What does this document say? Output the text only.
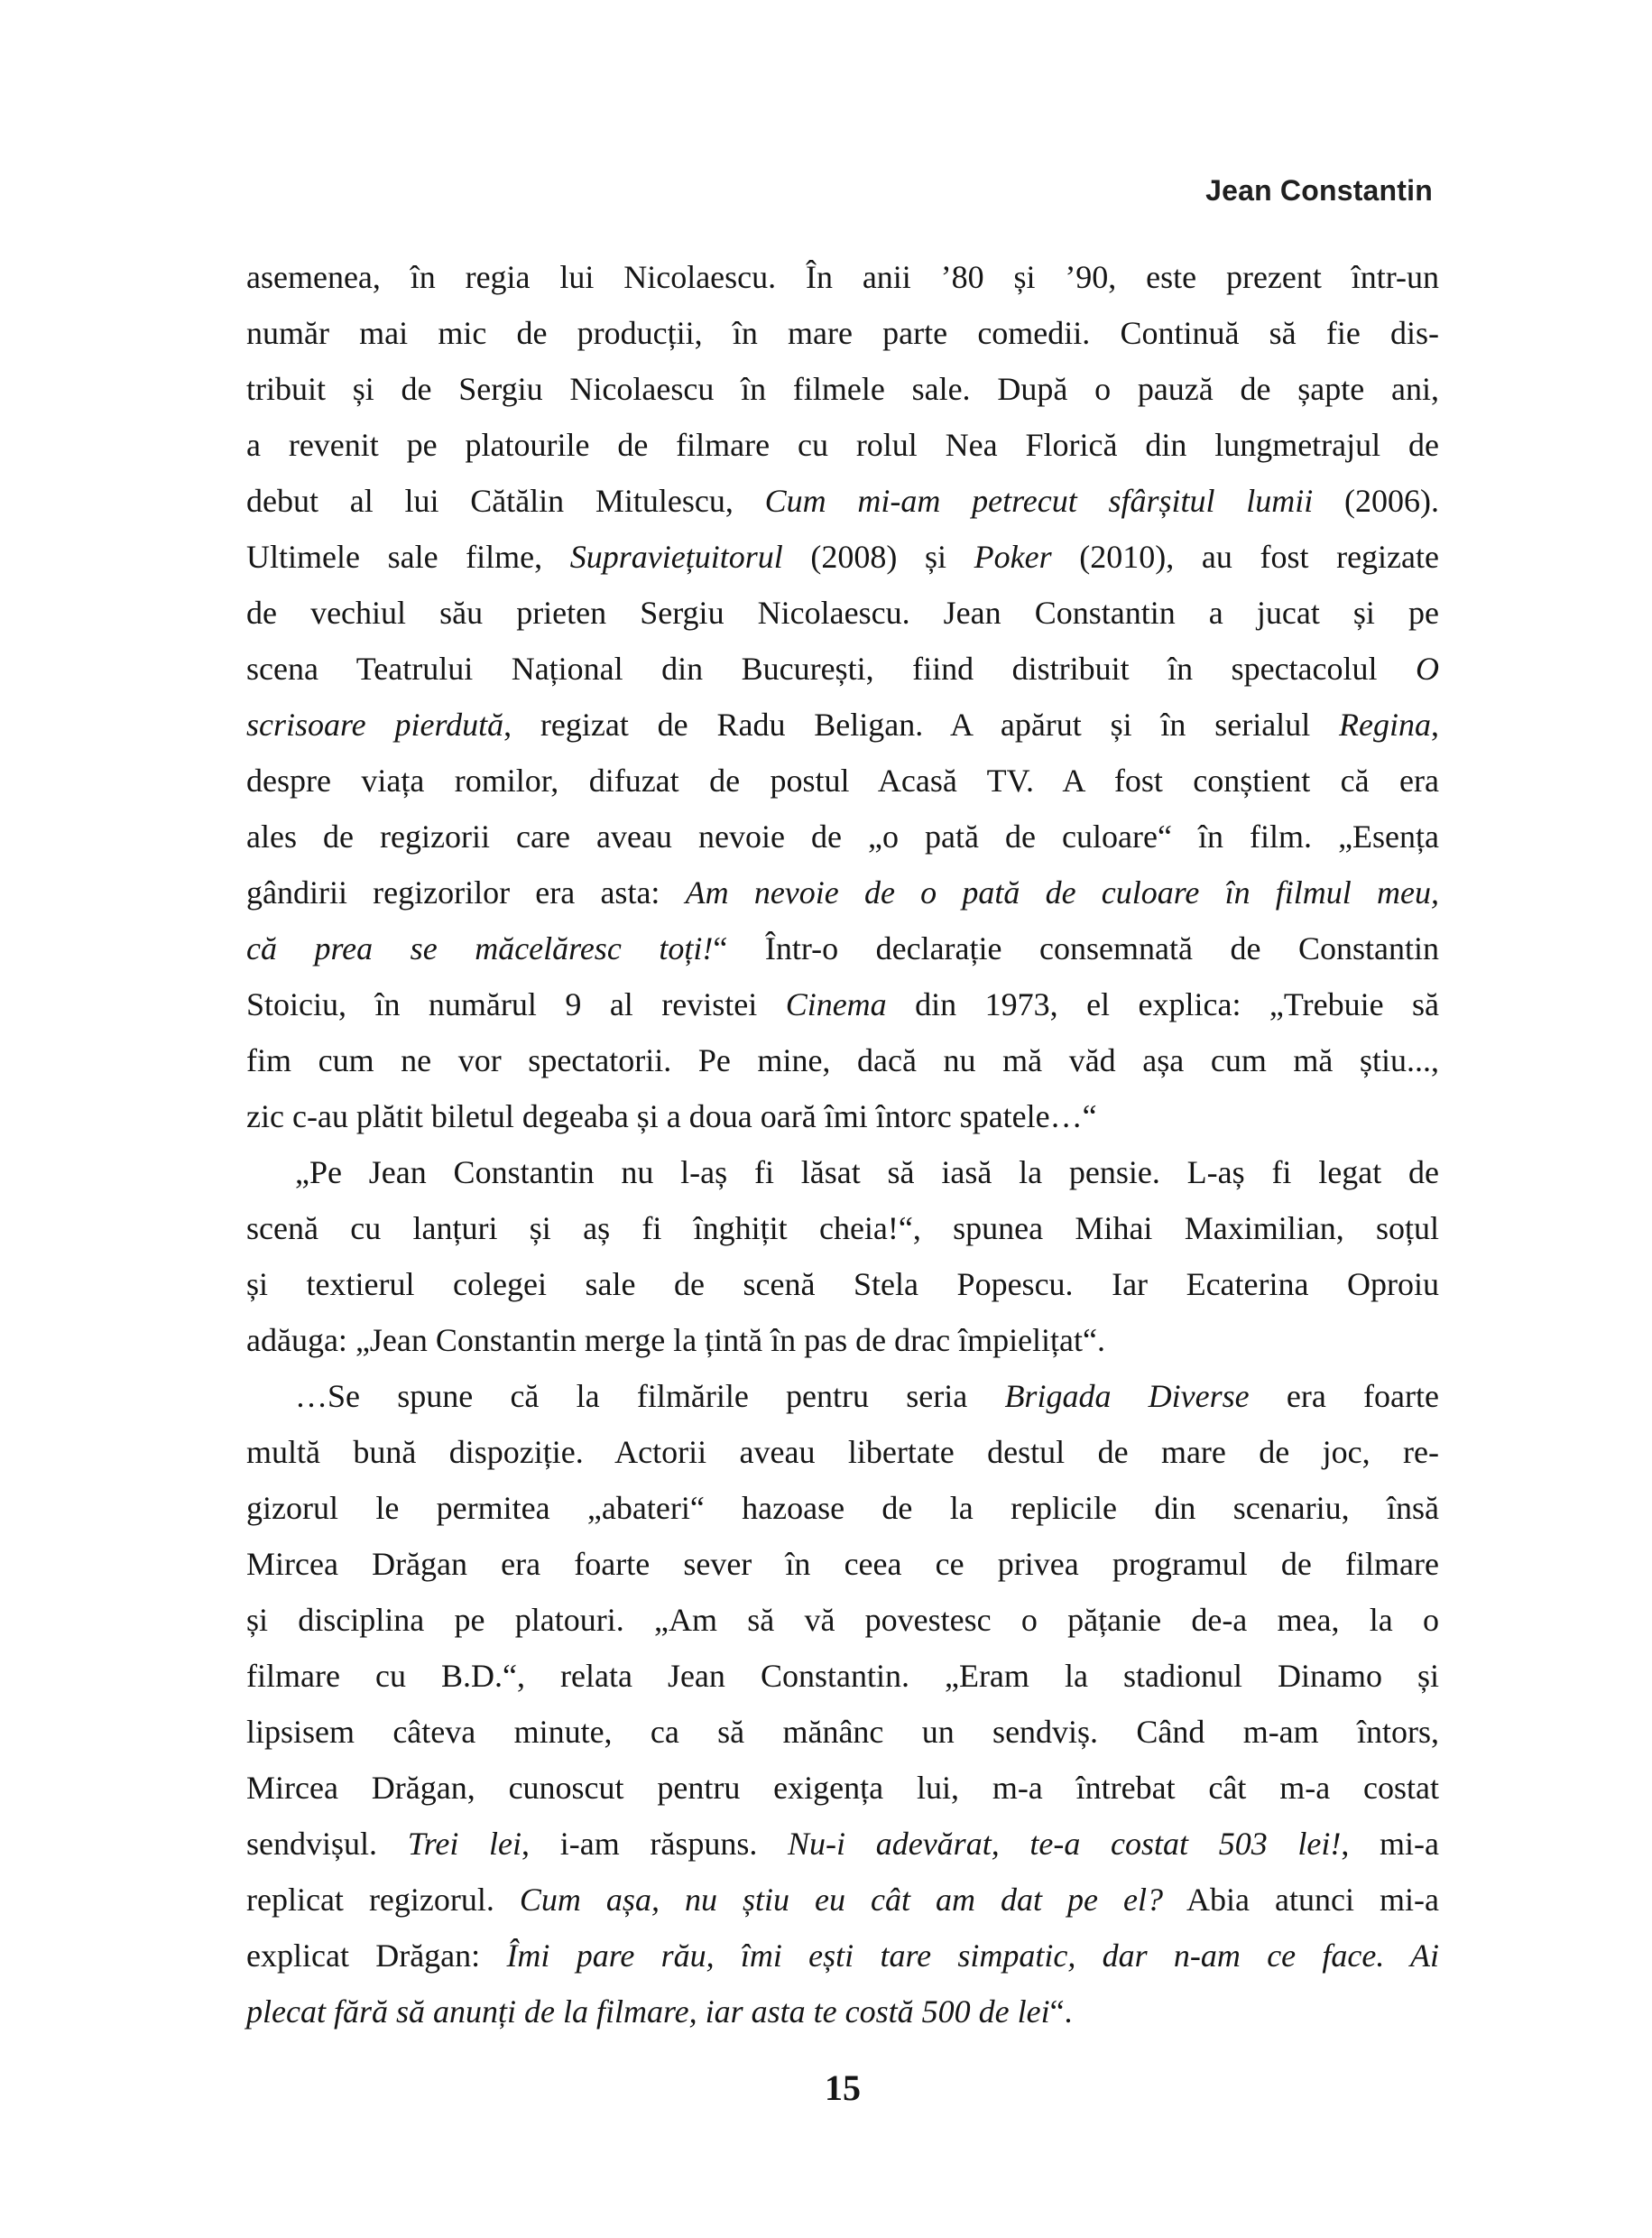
Jean Constantin
asemenea, în regia lui Nicolaescu. În anii ’80 și ’90, este prezent într-un
număr mai mic de producții, în mare parte comedii. Continuă să fie dis-
tribuit și de Sergiu Nicolaescu în filmele sale. După o pauză de șapte ani,
a revenit pe platourile de filmare cu rolul Nea Florică din lungmetrajul de
debut al lui Cătălin Mitulescu, Cum mi-am petrecut sfârșitul lumii (2006).
Ultimele sale filme, Supraviețuitorul (2008) și Poker (2010), au fost regizate
de vechiul său prieten Sergiu Nicolaescu. Jean Constantin a jucat și pe
scena Teatrului Național din București, fiind distribuit în spectacolul O
scrisoare pierdută, regizat de Radu Beligan. A apărut și în serialul Regina,
despre viața romilor, difuzat de postul Acasă TV. A fost conștient că era
ales de regizorii care aveau nevoie de „o pată de culoare“ în film. „Esența
gândirii regizorilor era asta: Am nevoie de o pată de culoare în filmul meu,
că prea se măcelăresc toți!“ Într-o declarație consemnată de Constantin
Stoiciu, în numărul 9 al revistei Cinema din 1973, el explica: „Trebuie să
fim cum ne vor spectatorii. Pe mine, dacă nu mă văd așa cum mă știu...,
zic c-au plătit biletul degeaba și a doua oară îmi întorc spatele…“
„Pe Jean Constantin nu l-aș fi lăsat să iasă la pensie. L-aș fi legat de
scenă cu lanțuri și aș fi înghițit cheia!“, spunea Mihai Maximilian, soțul
și textierul colegei sale de scenă Stela Popescu. Iar Ecaterina Oproiu
adăuga: „Jean Constantin merge la țintă în pas de drac împielițat“.
…Se spune că la filmările pentru seria Brigada Diverse era foarte
multă bună dispoziție. Actorii aveau libertate destul de mare de joc, re-
gizorul le permitea „abateri“ hazoase de la replicile din scenariu, însă
Mircea Drăgan era foarte sever în ceea ce privea programul de filmare
și disciplina pe platouri. „Am să vă povestesc o pățanie de-a mea, la o
filmare cu B.D.“, relata Jean Constantin. „Eram la stadionul Dinamo și
lipsisem câteva minute, ca să mănânc un sendviș. Când m-am întors,
Mircea Drăgan, cunoscut pentru exigența lui, m-a întrebat cât m-a costat
sendvișul. Trei lei, i-am răspuns. Nu-i adevărat, te-a costat 503 lei!, mi-a
replicat regizorul. Cum așa, nu știu eu cât am dat pe el? Abia atunci mi-a
explicat Drăgan: Îmi pare rău, îmi ești tare simpatic, dar n-am ce face. Ai
plecat fără să anunți de la filmare, iar asta te costă 500 de lei“.
15
